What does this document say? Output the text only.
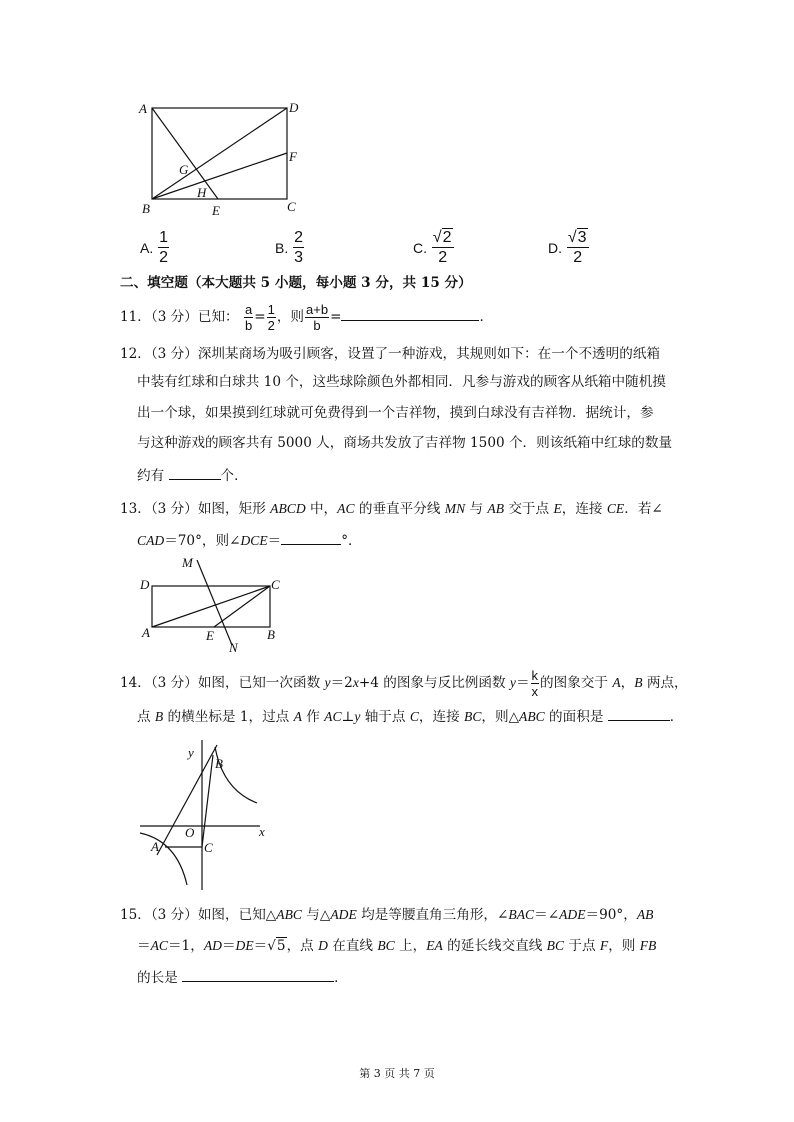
A	D
F
G
H
B	E	C
A.
$\frac{1}{2}$	B.
$\frac{2}{3}$	C.
$\frac{√2}{2}$	D.
$\frac{√3}{2}$
二、填空题（本大题共 5 小题，每小题 3 分，共 15 分）
11．（3 分）已知： $\frac{a}{b} = \frac{1}{2}$ ，则 $\frac{a+b}{b}$ =	．
12．（3 分）深圳某商场为吸引顾客，设置了一种游戏，其规则如下：在一个不透明的纸箱
中装有红球和白球共 10 个，这些球除颜色外都相同．凡参与游戏的顾客从纸箱中随机摸
出一个球，如果摸到红球就可免费得到一个吉祥物，摸到白球没有吉祥物．据统计，参
与这种游戏的顾客共有 5000 人，商场共发放了吉祥物 1500 个．则该纸箱中红球的数量
约有	个．
13．（3 分）如图，矩形 ABCD 中，AC 的垂直平分线 MN 与 AB 交于点 E，连接 CE．若∠
CAD＝70°，则∠DCE＝	°．
M
D	C
A	E	B
N
14．（3 分）如图，已知一次函数 y＝2x+4 的图象与反比例函数 $y= \frac{k}{x}$ 的图象交于 A，B 两点，
点 B 的横坐标是 1，过点 A 作 AC⊥y 轴于点 C，连接 BC，则△ABC 的面积是	．
y
B
O	x
A	C
15．（3 分）如图，已知△ABC 与△ADE 均是等腰直角三角形，∠BAC＝∠ADE＝90°，AB
＝AC＝1，AD＝DE＝√5，点 D 在直线 BC 上，EA 的延长线交直线 BC 于点 F，则 FB
的长是	．
第 3 页 共 7 页
